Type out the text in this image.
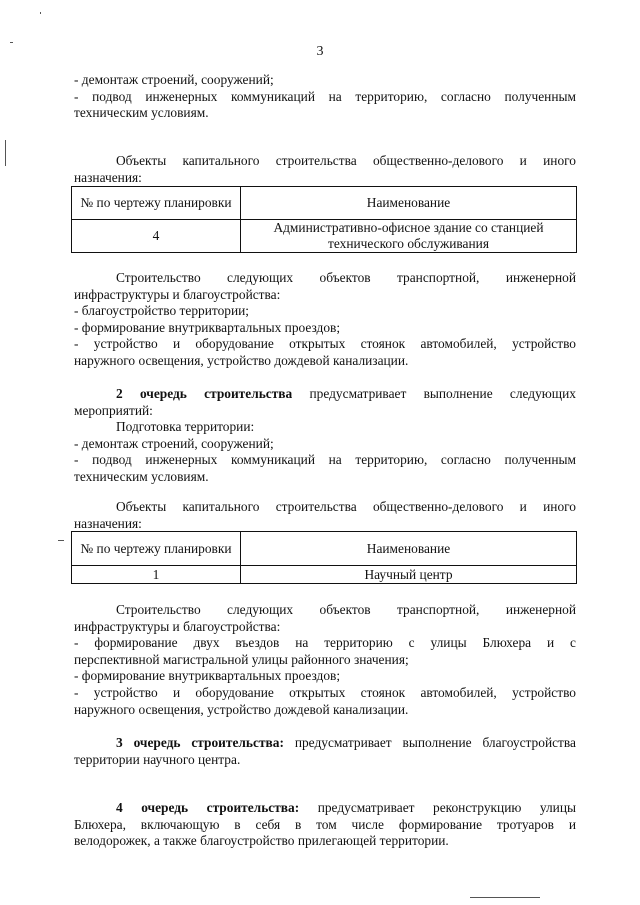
3

- демонтаж строений, сооружений;

- подвод инженерных коммуникаций на территорию, согласно полученным

техническим условиям.

Объекты капитального строительства общественно-делового и иного

назначения:

№ по чертежу планировки	Наименование
4	Административно-офисное здание со станцией технического обслуживания

Строительство следующих объектов транспортной, инженерной

инфраструктуры и благоустройства:

- благоустройство территории;

- формирование внутриквартальных проездов;

- устройство и оборудование открытых стоянок автомобилей, устройство

наружного освещения, устройство дождевой канализации.

2 очередь строительства предусматривает выполнение следующих

мероприятий:

Подготовка территории:

- демонтаж строений, сооружений;

- подвод инженерных коммуникаций на территорию, согласно полученным

техническим условиям.

Объекты капитального строительства общественно-делового и иного

назначения:

№ по чертежу планировки	Наименование
1	Научный центр

Строительство следующих объектов транспортной, инженерной

инфраструктуры и благоустройства:

- формирование двух въездов на территорию с улицы Блюхера и с

перспективной магистральной улицы районного значения;

- формирование внутриквартальных проездов;

- устройство и оборудование открытых стоянок автомобилей, устройство

наружного освещения, устройство дождевой канализации.

3 очередь строительства: предусматривает выполнение благоустройства

территории научного центра.

4 очередь строительства: предусматривает реконструкцию улицы

Блюхера, включающую в себя в том числе формирование тротуаров и

велодорожек, а также благоустройство прилегающей территории.
